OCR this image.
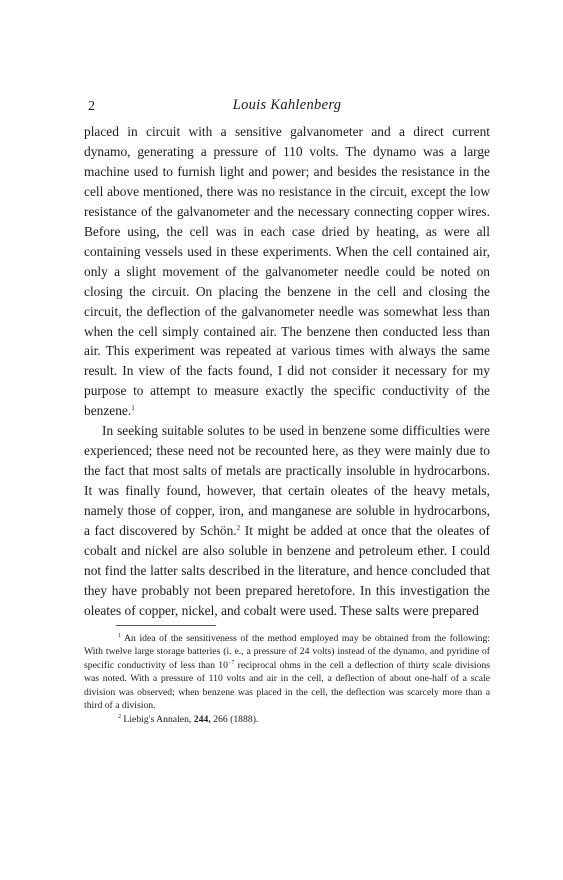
2	Louis Kahlenberg

placed in circuit with a sensitive galvanometer and a direct current dynamo, generating a pressure of 110 volts. The dynamo was a large machine used to furnish light and power; and besides the resistance in the cell above mentioned, there was no resistance in the circuit, except the low resistance of the galvanometer and the necessary connecting copper wires. Before using, the cell was in each case dried by heating, as were all containing vessels used in these experiments. When the cell contained air, only a slight movement of the galvanometer needle could be noted on closing the circuit. On placing the benzene in the cell and closing the circuit, the deflection of the galvanometer needle was somewhat less than when the cell simply contained air. The benzene then conducted less than air. This experiment was repeated at various times with always the same result. In view of the facts found, I did not consider it necessary for my purpose to attempt to measure exactly the specific conductivity of the benzene.$^1$

In seeking suitable solutes to be used in benzene some difficulties were experienced; these need not be recounted here, as they were mainly due to the fact that most salts of metals are practically insoluble in hydrocarbons. It was finally found, however, that certain oleates of the heavy metals, namely those of copper, iron, and manganese are soluble in hydrocarbons, a fact discovered by Schön.$^2$ It might be added at once that the oleates of cobalt and nickel are also soluble in benzene and petroleum ether. I could not find the latter salts described in the literature, and hence concluded that they have probably not been prepared heretofore. In this investigation the oleates of copper, nickel, and cobalt were used. These salts were prepared

$^1$ An idea of the sensitiveness of the method employed may be obtained from the following: With twelve large storage batteries (i. e., a pressure of 24 volts) instead of the dynamo, and pyridine of specific conductivity of less than $10^{-7}$ reciprocal ohms in the cell a deflection of thirty scale divisions was noted. With a pressure of 110 volts and air in the cell, a deflection of about one-half of a scale division was observed; when benzene was placed in the cell, the deflection was scarcely more than a third of a division.

$^2$ Liebig's Annalen, 244, 266 (1888).
